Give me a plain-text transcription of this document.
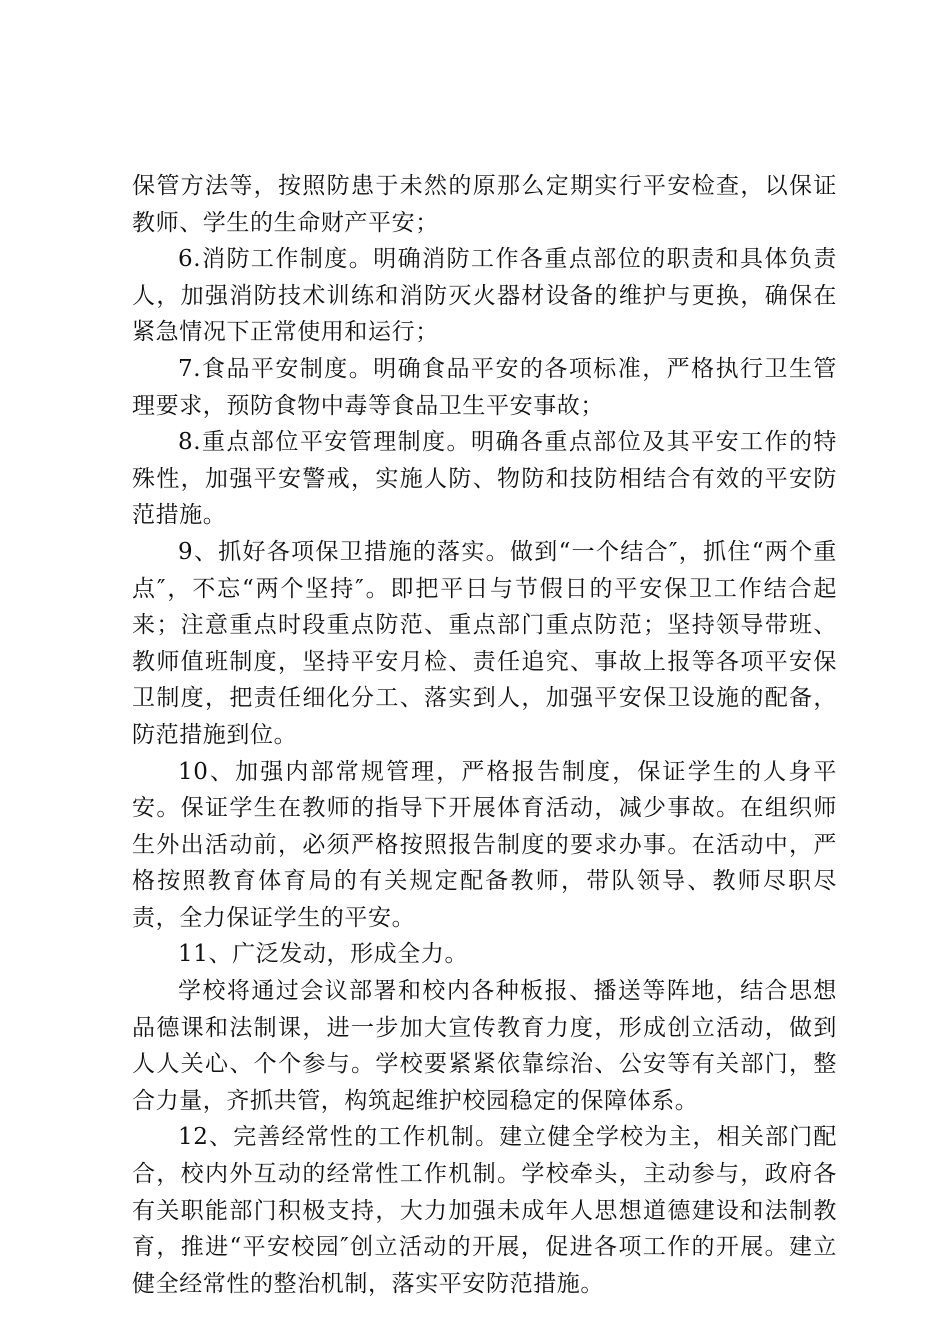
保管方法等，按照防患于未然的原那么定期实行平安检查，以保证教师、学生的生命财产平安；

6.消防工作制度。明确消防工作各重点部位的职责和具体负责人，加强消防技术训练和消防灭火器材设备的维护与更换，确保在紧急情况下正常使用和运行；

7.食品平安制度。明确食品平安的各项标准，严格执行卫生管理要求，预防食物中毒等食品卫生平安事故；

8.重点部位平安管理制度。明确各重点部位及其平安工作的特殊性，加强平安警戒，实施人防、物防和技防相结合有效的平安防范措施。

9、抓好各项保卫措施的落实。做到“一个结合″，抓住“两个重点″，不忘“两个坚持″。即把平日与节假日的平安保卫工作结合起来；注意重点时段重点防范、重点部门重点防范；坚持领导带班、教师值班制度，坚持平安月检、责任追究、事故上报等各项平安保卫制度，把责任细化分工、落实到人，加强平安保卫设施的配备，防范措施到位。

10、加强内部常规管理，严格报告制度，保证学生的人身平安。保证学生在教师的指导下开展体育活动，减少事故。在组织师生外出活动前，必须严格按照报告制度的要求办事。在活动中，严格按照教育体育局的有关规定配备教师，带队领导、教师尽职尽责，全力保证学生的平安。

11、广泛发动，形成全力。

学校将通过会议部署和校内各种板报、播送等阵地，结合思想品德课和法制课，进一步加大宣传教育力度，形成创立活动，做到人人关心、个个参与。学校要紧紧依靠综治、公安等有关部门，整合力量，齐抓共管，构筑起维护校园稳定的保障体系。

12、完善经常性的工作机制。建立健全学校为主，相关部门配合，校内外互动的经常性工作机制。学校牵头，主动参与，政府各有关职能部门积极支持，大力加强未成年人思想道德建设和法制教育，推进“平安校园″创立活动的开展，促进各项工作的开展。建立健全经常性的整治机制，落实平安防范措施。
